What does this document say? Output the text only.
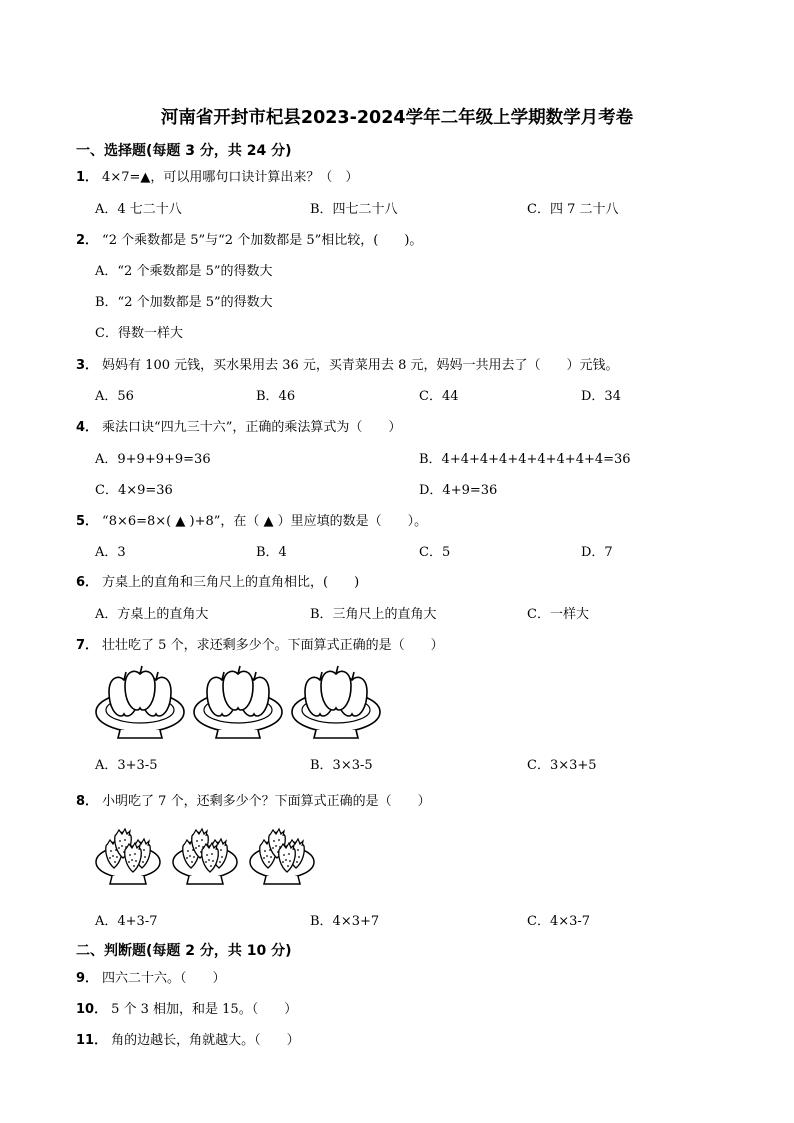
河南省开封市杞县2023-2024学年二年级上学期数学月考卷
一、选择题(每题 3 分，共 24 分)
1． 4×7=▲，可以用哪句口诀计算出来？（　）
A．4 七二十八	B．四七二十八	C．四 7 二十八
2． “2 个乘数都是 5”与“2 个加数都是 5”相比较，(　　)。
A．“2 个乘数都是 5”的得数大
B．“2 个加数都是 5”的得数大
C．得数一样大
3． 妈妈有 100 元钱，买水果用去 36 元，买青菜用去 8 元，妈妈一共用去了（　　）元钱。
A．56	B．46	C．44	D．34
4． 乘法口诀“四九三十六”，正确的乘法算式为（　　）
A．9+9+9+9=36	B．4+4+4+4+4+4+4+4+4=36
C．4×9=36	D．4+9=36
5． “8×6=8×( ▲ )+8”，在（ ▲ ）里应填的数是（　　）。
A．3	B．4	C．5	D．7
6． 方桌上的直角和三角尺上的直角相比，(　　)
A．方桌上的直角大	B．三角尺上的直角大	C．一样大
7． 壮壮吃了 5 个，求还剩多少个。下面算式正确的是（　　）
A．3+3-5	B．3×3-5	C．3×3+5
8． 小明吃了 7 个，还剩多少个？下面算式正确的是（　　）
A．4+3-7	B．4×3+7	C．4×3-7
二、判断题(每题 2 分，共 10 分)
9． 四六二十六。（　　）
10． 5 个 3 相加，和是 15。（　　）
11． 角的边越长，角就越大。（　　）
